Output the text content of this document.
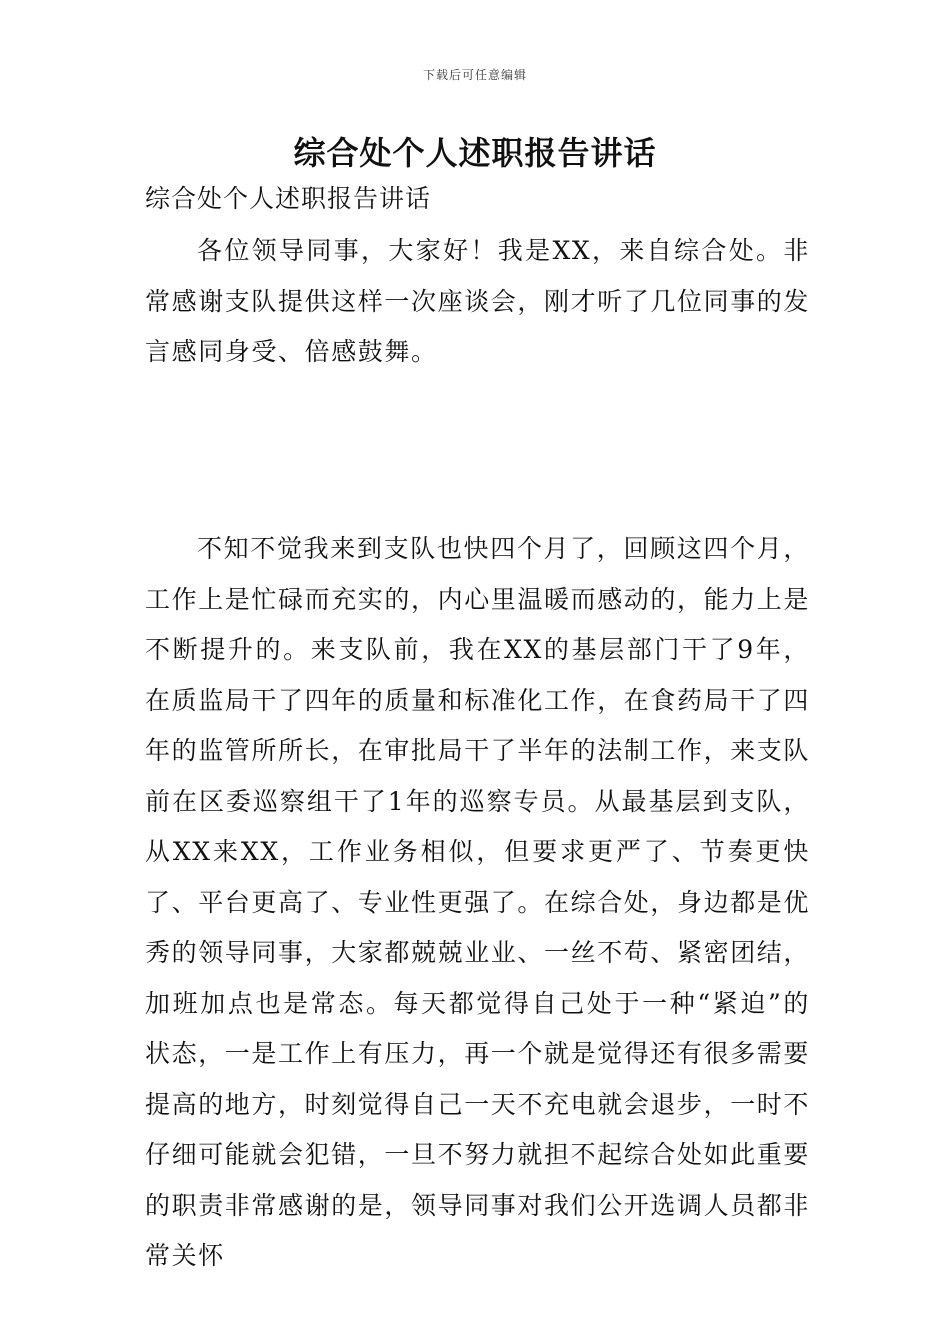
下载后可任意编辑
综合处个人述职报告讲话
综合处个人述职报告讲话

各位领导同事，大家好！我是XX，来自综合处。非常感谢支队提供这样一次座谈会，刚才听了几位同事的发言感同身受、倍感鼓舞。

不知不觉我来到支队也快四个月了，回顾这四个月，工作上是忙碌而充实的，内心里温暖而感动的，能力上是不断提升的。来支队前，我在XX的基层部门干了9年，在质监局干了四年的质量和标准化工作，在食药局干了四年的监管所所长，在审批局干了半年的法制工作，来支队前在区委巡察组干了1年的巡察专员。从最基层到支队，从XX来XX，工作业务相似，但要求更严了、节奏更快了、平台更高了、专业性更强了。在综合处，身边都是优秀的领导同事，大家都兢兢业业、一丝不苟、紧密团结，加班加点也是常态。每天都觉得自己处于一种“紧迫”的状态，一是工作上有压力，再一个就是觉得还有很多需要提高的地方，时刻觉得自己一天不充电就会退步，一时不仔细可能就会犯错，一旦不努力就担不起综合处如此重要的职责非常感谢的是，领导同事对我们公开选调人员都非常关怀
